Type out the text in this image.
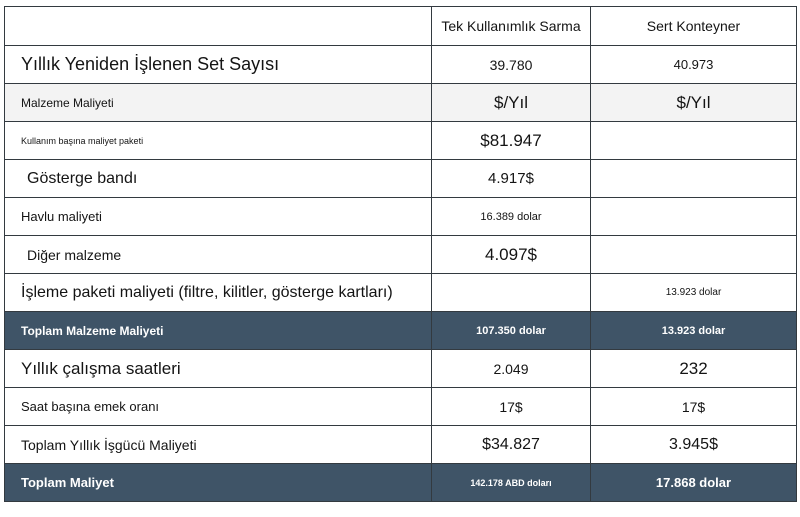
	Tek Kullanımlık Sarma	Sert Konteyner
Yıllık Yeniden İşlenen Set Sayısı	39.780	40.973
Malzeme Maliyeti	$/Yıl	$/Yıl
Kullanım başına maliyet paketi	$81.947	
Gösterge bandı	4.917$	
Havlu maliyeti	16.389 dolar	
Diğer malzeme	4.097$	
İşleme paketi maliyeti (filtre, kilitler, gösterge kartları)		13.923 dolar
Toplam Malzeme Maliyeti	107.350 dolar	13.923 dolar
Yıllık çalışma saatleri	2.049	232
Saat başına emek oranı	17$	17$
Toplam Yıllık İşgücü Maliyeti	$34.827	3.945$
Toplam Maliyet	142.178 ABD doları	17.868 dolar
